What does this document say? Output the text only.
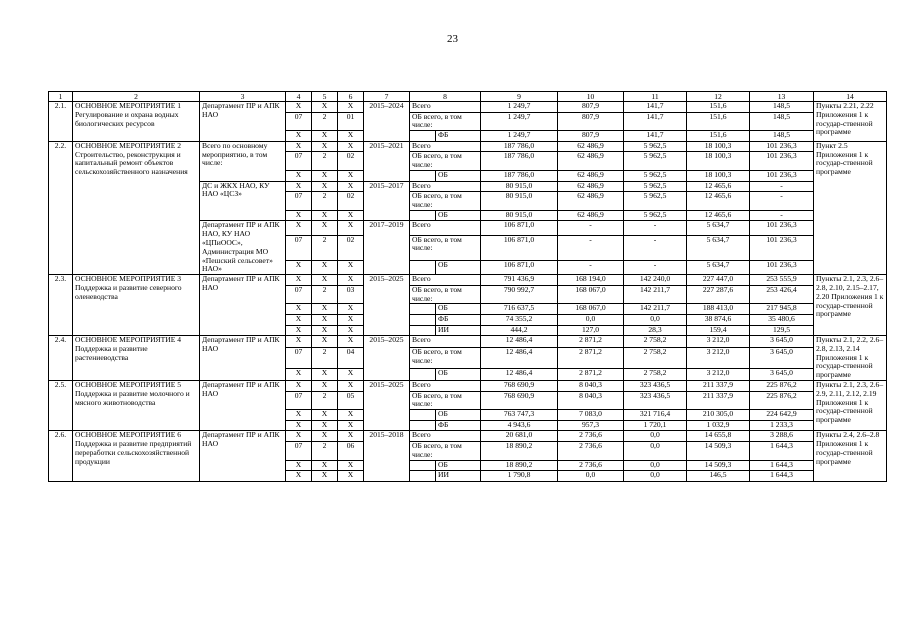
23
1	2	3	4	5	6	7	8		9	10	11	12	13	14
2.1.	ОСНОВНОЕ МЕРОПРИЯТИЕ 1 Регулирование и охрана водных биологических ресурсов	Департамент ПР и АПК НАО	X	X	X	2015–2024	Всего		1 249,7	807,9	141,7	151,6	148,5	Пункты 2.21, 2.22 Приложения 1 к государ-ственной программе
			07	2	01		ОБ всего, в том числе:		1 249,7	807,9	141,7	151,6	148,5	
			X	X	X			ФБ	1 249,7	807,9	141,7	151,6	148,5	
2.2.	ОСНОВНОЕ МЕРОПРИЯТИЕ 2 Строительство, реконструкция и капитальный ремонт объектов сельскохозяйственного назначения	Всего по основному мероприятию, в том числе:	X	X	X	2015–2021	Всего		187 786,0	62 486,9	5 962,5	18 100,3	101 236,3	Пункт 2.5 Приложения 1 к государ-ственной программе
			07	2	02		ОБ всего, в том числе:		187 786,0	62 486,9	5 962,5	18 100,3	101 236,3	
			X	X	X			ОБ	187 786,0	62 486,9	5 962,5	18 100,3	101 236,3	
		ДС и ЖКХ НАО, КУ НАО «ЦСЗ»	X	X	X	2015–2017	Всего		80 915,0	62 486,9	5 962,5	12 465,6	-	
			07	2	02		ОБ всего, в том числе:		80 915,0	62 486,9	5 962,5	12 465,6	-	
			X	X	X			ОБ	80 915,0	62 486,9	5 962,5	12 465,6	-	
		Департамент ПР и АПК НАО, КУ НАО «ЦПиООС», Администрация МО «Пешский сельсовет» НАО»	X	X	X	2017–2019	Всего		106 871,0	-	-	5 634,7	101 236,3	
			07	2	02		ОБ всего, в том числе:		106 871,0	-	-	5 634,7	101 236,3	
			X	X	X			ОБ	106 871,0	-	-	5 634,7	101 236,3	
2.3.	ОСНОВНОЕ МЕРОПРИЯТИЕ 3 Поддержка и развитие северного оленеводства	Департамент ПР и АПК НАО	X	X	X	2015–2025	Всего		791 436,9	168 194,0	142 240,0	227 447,0	253 555,9	Пункты 2.1, 2.3, 2.6–2.8, 2.10, 2.15–2.17, 2.20 Приложения 1 к государ-ственной программе
			07	2	03		ОБ всего, в том числе:		790 992,7	168 067,0	142 211,7	227 287,6	253 426,4	
			X	X	X			ОБ	716 637,5	168 067,0	142 211,7	188 413,0	217 945,8	
			X	X	X			ФБ	74 355,2	0,0	0,0	38 874,6	35 480,6	
			X	X	X			ИИ	444,2	127,0	28,3	159,4	129,5	
2.4.	ОСНОВНОЕ МЕРОПРИЯТИЕ 4 Поддержка и развитие растениеводства	Департамент ПР и АПК НАО	X	X	X	2015–2025	Всего		12 486,4	2 871,2	2 758,2	3 212,0	3 645,0	Пункты 2.1, 2.2, 2.6–2.8, 2.13, 2.14 Приложения 1 к государ-ственной программе
			07	2	04		ОБ всего, в том числе:		12 486,4	2 871,2	2 758,2	3 212,0	3 645,0	
			X	X	X			ОБ	12 486,4	2 871,2	2 758,2	3 212,0	3 645,0	
2.5.	ОСНОВНОЕ МЕРОПРИЯТИЕ 5 Поддержка и развитие молочного и мясного животноводства	Департамент ПР и АПК НАО	X	X	X	2015–2025	Всего		768 690,9	8 040,3	323 436,5	211 337,9	225 876,2	Пункты 2.1, 2.3, 2.6–2.9, 2.11, 2.12, 2.19 Приложения 1 к государ-ственной программе
			07	2	05		ОБ всего, в том числе:		768 690,9	8 040,3	323 436,5	211 337,9	225 876,2	
			X	X	X			ОБ	763 747,3	7 083,0	321 716,4	210 305,0	224 642,9	
			X	X	X			ФБ	4 943,6	957,3	1 720,1	1 032,9	1 233,3	
2.6.	ОСНОВНОЕ МЕРОПРИЯТИЕ 6 Поддержка и развитие предприятий переработки сельскохозяйственной продукции	Департамент ПР и АПК НАО	X	X	X	2015–2018	Всего		20 681,0	2 736,6	0,0	14 655,8	3 288,6	Пункты 2.4, 2.6–2.8 Приложения 1 к государ-ственной программе
			07	2	06		ОБ всего, в том числе:		18 890,2	2 736,6	0,0	14 509,3	1 644,3	
			X	X	X			ОБ	18 890,2	2 736,6	0,0	14 509,3	1 644,3	
			X	X	X			ИИ	1 790,8	0,0	0,0	146,5	1 644,3	
